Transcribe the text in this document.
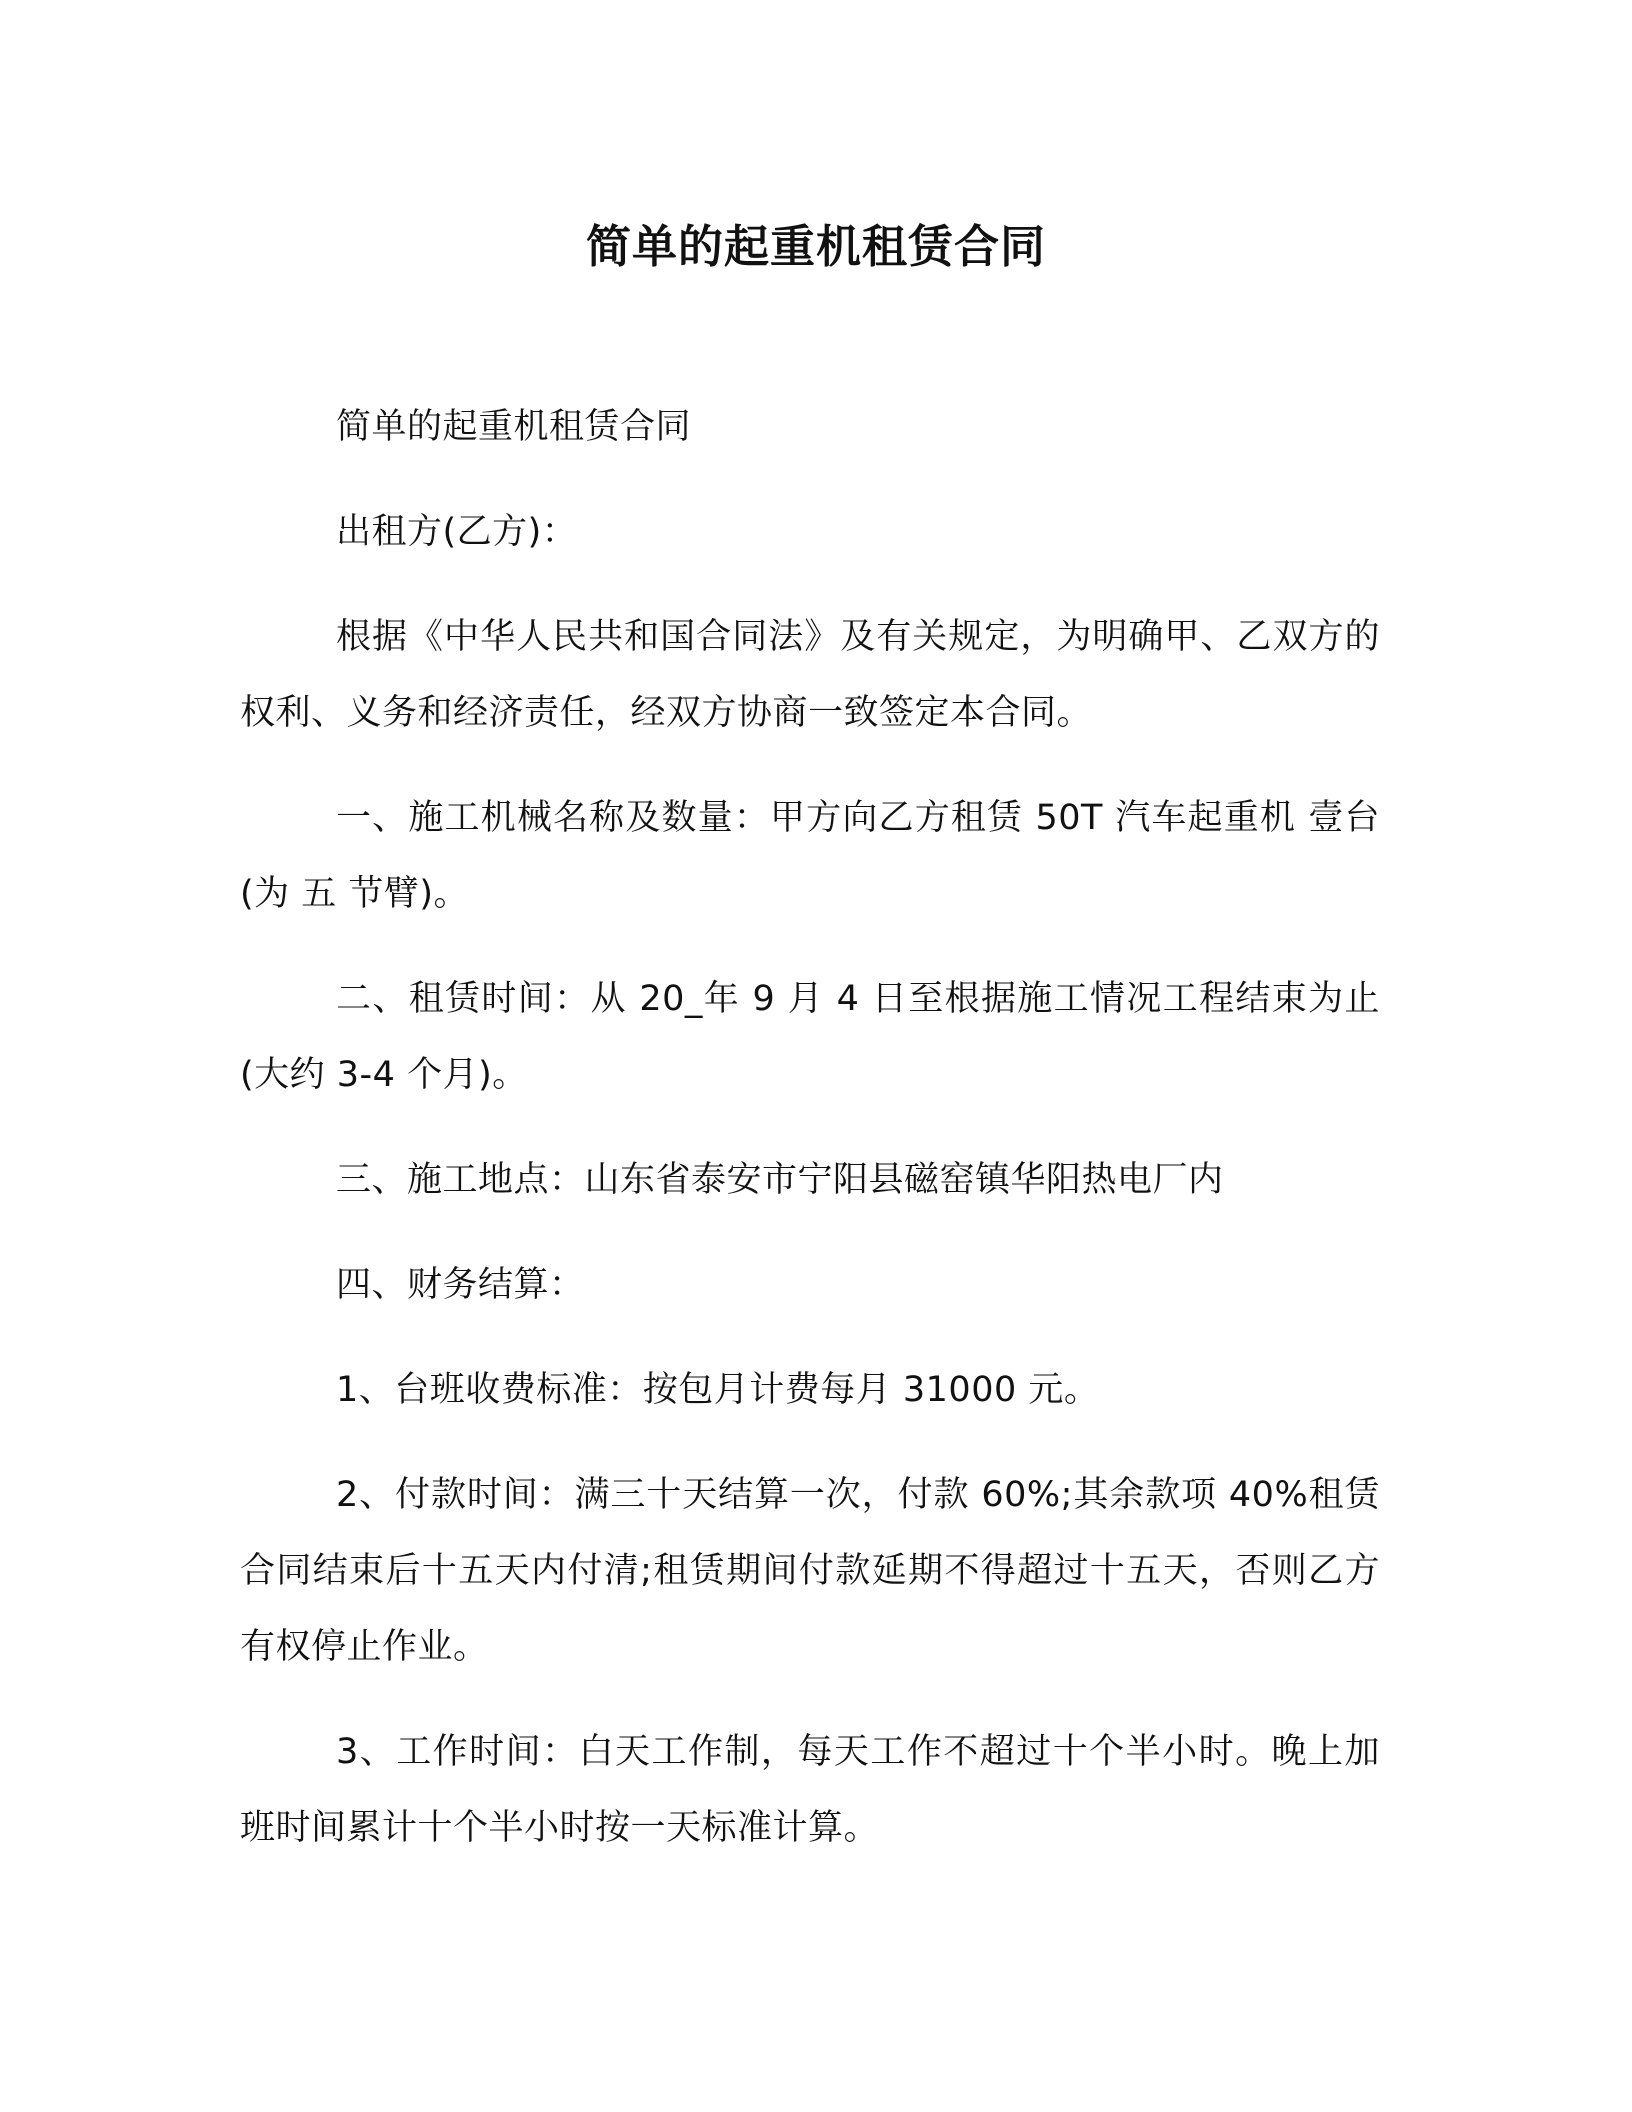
简单的起重机租赁合同

简单的起重机租赁合同

出租方(乙方)：

根据《中华人民共和国合同法》及有关规定，为明确甲、乙双方的权利、义务和经济责任，经双方协商一致签定本合同。

一、施工机械名称及数量：甲方向乙方租赁 50T 汽车起重机 壹台(为 五 节臂)。

二、租赁时间：从 20_年 9 月 4 日至根据施工情况工程结束为止(大约 3-4 个月)。

三、施工地点：山东省泰安市宁阳县磁窑镇华阳热电厂内

四、财务结算：

1、台班收费标准：按包月计费每月 31000 元。

2、付款时间：满三十天结算一次，付款 60%;其余款项 40%租赁合同结束后十五天内付清;租赁期间付款延期不得超过十五天，否则乙方有权停止作业。

3、工作时间：白天工作制，每天工作不超过十个半小时。晚上加班时间累计十个半小时按一天标准计算。
